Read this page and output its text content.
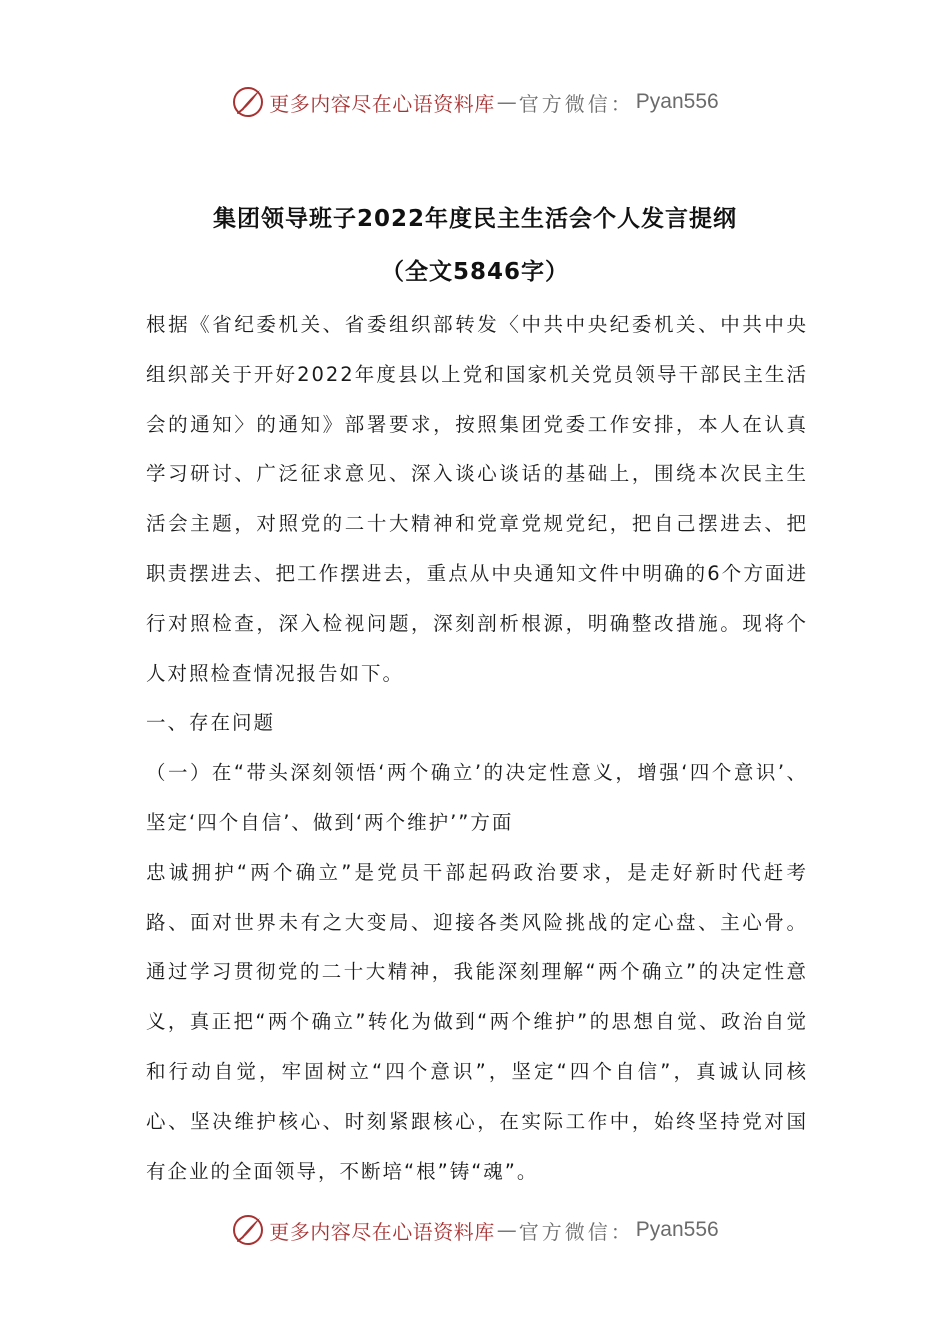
更多内容尽在心语资料库 — 官方微信： Pyan556
集团领导班子2022年度民主生活会个人发言提纲
（全文5846字）

根据《省纪委机关、省委组织部转发〈中共中央纪委机关、中共中央组织部关于开好2022年度县以上党和国家机关党员领导干部民主生活会的通知〉的通知》部署要求，按照集团党委工作安排，本人在认真学习研讨、广泛征求意见、深入谈心谈话的基础上，围绕本次民主生活会主题，对照党的二十大精神和党章党规党纪，把自己摆进去、把职责摆进去、把工作摆进去，重点从中央通知文件中明确的6个方面进行对照检查，深入检视问题，深刻剖析根源，明确整改措施。现将个人对照检查情况报告如下。

一、存在问题

（一）在“带头深刻领悟‘两个确立’的决定性意义，增强‘四个意识’、坚定‘四个自信’、做到‘两个维护’”方面

忠诚拥护“两个确立”是党员干部起码政治要求，是走好新时代赶考路、面对世界未有之大变局、迎接各类风险挑战的定心盘、主心骨。通过学习贯彻党的二十大精神，我能深刻理解“两个确立”的决定性意义，真正把“两个确立”转化为做到“两个维护”的思想自觉、政治自觉和行动自觉，牢固树立“四个意识”，坚定“四个自信”，真诚认同核心、坚决维护核心、时刻紧跟核心，在实际工作中，始终坚持党对国有企业的全面领导，不断培“根”铸“魂”。

更多内容尽在心语资料库 — 官方微信： Pyan556
